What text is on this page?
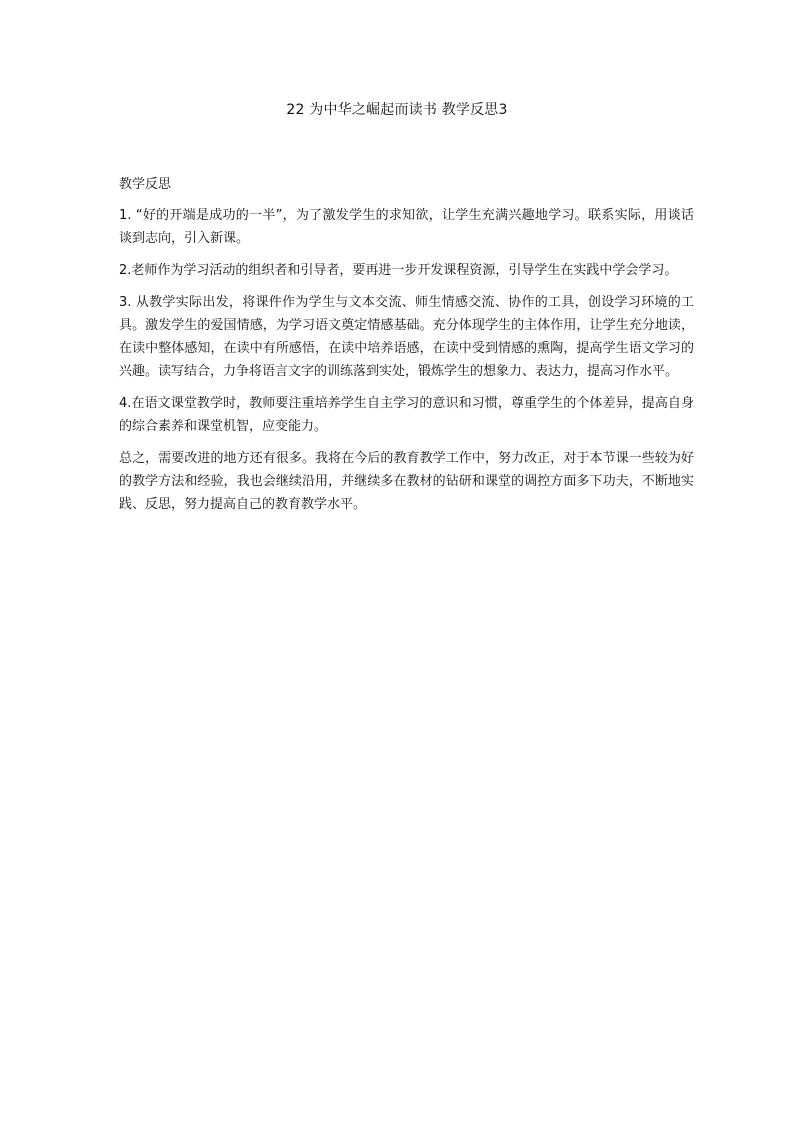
22 为中华之崛起而读书 教学反思3
教学反思

1. “好的开端是成功的一半”，为了激发学生的求知欲，让学生充满兴趣地学习。联系实际，用谈话谈到志向，引入新课。

2.老师作为学习活动的组织者和引导者，要再进一步开发课程资源，引导学生在实践中学会学习。

3. 从教学实际出发，将课件作为学生与文本交流、师生情感交流、协作的工具，创设学习环境的工具。激发学生的爱国情感，为学习语文奠定情感基础。充分体现学生的主体作用，让学生充分地读，在读中整体感知，在读中有所感悟，在读中培养语感，在读中受到情感的熏陶，提高学生语文学习的兴趣。读写结合，力争将语言文字的训练落到实处，锻炼学生的想象力、表达力，提高习作水平。

4.在语文课堂教学时，教师要注重培养学生自主学习的意识和习惯，尊重学生的个体差异，提高自身的综合素养和课堂机智，应变能力。

总之，需要改进的地方还有很多。我将在今后的教育教学工作中，努力改正，对于本节课一些较为好的教学方法和经验，我也会继续沿用，并继续多在教材的钻研和课堂的调控方面多下功夫，不断地实践、反思，努力提高自己的教育教学水平。
